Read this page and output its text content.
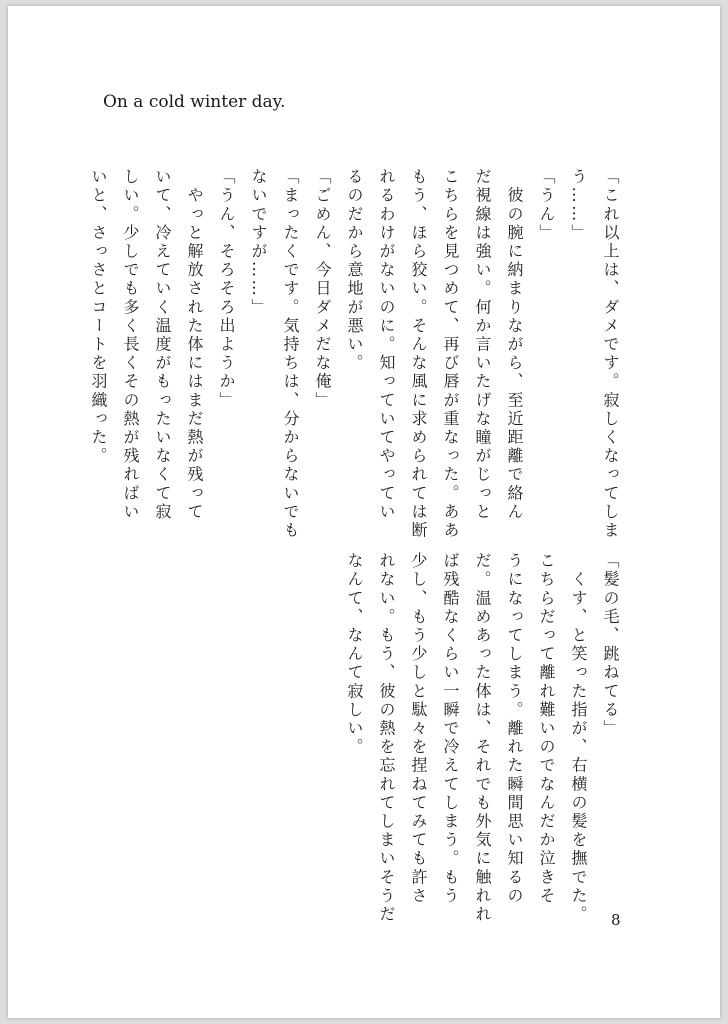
On a cold winter day.
「これ以上は、ダメです。寂しくなってしま
う……」
「うん」
　彼の腕に納まりながら、至近距離で絡ん
だ視線は強い。何か言いたげな瞳がじっと
こちらを見つめて、再び唇が重なった。ああ
もう、ほら狡い。そんな風に求められては断
れるわけがないのに。知っていてやってい
るのだから意地が悪い。
「ごめん、今日ダメだな俺」
「まったくです。気持ちは、分からないでも
ないですが……」
「うん、そろそろ出ようか」
　やっと解放された体にはまだ熱が残って
いて、冷えていく温度がもったいなくて寂
しい。少しでも多く長くその熱が残ればい
いと、さっさとコートを羽織った。
「髪の毛、跳ねてる」
　くす、と笑った指が、右横の髪を撫でた。
こちらだって離れ難いのでなんだか泣きそ
うになってしまう。離れた瞬間思い知るの
だ。温めあった体は、それでも外気に触れれ
ば残酷なくらい一瞬で冷えてしまう。もう
少し、もう少しと駄々を捏ねてみても許さ
れない。もう、彼の熱を忘れてしまいそうだ
なんて、なんて寂しい。
8
